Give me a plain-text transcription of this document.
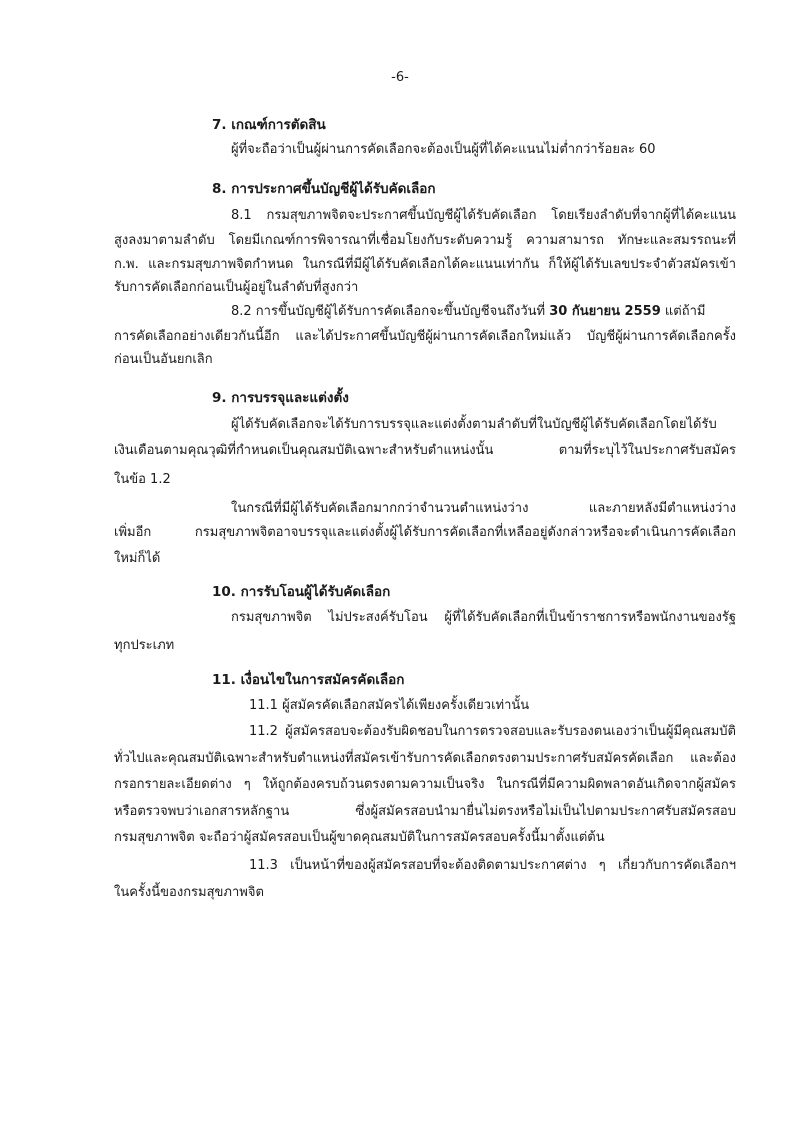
-6-
7. เกณฑ์การตัดสิน
ผู้ที่จะถือว่าเป็นผู้ผ่านการคัดเลือกจะต้องเป็นผู้ที่ได้คะแนนไม่ต่ำกว่าร้อยละ 60
8. การประกาศขึ้นบัญชีผู้ได้รับคัดเลือก
8.1 กรมสุขภาพจิตจะประกาศขึ้นบัญชีผู้ได้รับคัดเลือก โดยเรียงลำดับที่จากผู้ที่ได้คะแนน
สูงลงมาตามลำดับ โดยมีเกณฑ์การพิจารณาที่เชื่อมโยงกับระดับความรู้ ความสามารถ ทักษะและสมรรถนะที่
ก.พ. และกรมสุขภาพจิตกำหนด ในกรณีที่มีผู้ได้รับคัดเลือกได้คะแนนเท่ากัน ก็ให้ผู้ได้รับเลขประจำตัวสมัครเข้า
รับการคัดเลือกก่อนเป็นผู้อยู่ในลำดับที่สูงกว่า
8.2 การขึ้นบัญชีผู้ได้รับการคัดเลือกจะขึ้นบัญชีจนถึงวันที่ 30 กันยายน 2559 แต่ถ้ามี
การคัดเลือกอย่างเดียวกันนี้อีก และได้ประกาศขึ้นบัญชีผู้ผ่านการคัดเลือกใหม่แล้ว บัญชีผู้ผ่านการคัดเลือกครั้ง
ก่อนเป็นอันยกเลิก
9. การบรรจุและแต่งตั้ง
ผู้ได้รับคัดเลือกจะได้รับการบรรจุและแต่งตั้งตามลำดับที่ในบัญชีผู้ได้รับคัดเลือกโดยได้รับ
เงินเดือนตามคุณวุฒิที่กำหนดเป็นคุณสมบัติเฉพาะสำหรับตำแหน่งนั้น ตามที่ระบุไว้ในประกาศรับสมัคร
ในข้อ 1.2
ในกรณีที่มีผู้ได้รับคัดเลือกมากกว่าจำนวนตำแหน่งว่าง และภายหลังมีตำแหน่งว่าง
เพิ่มอีก กรมสุขภาพจิตอาจบรรจุและแต่งตั้งผู้ได้รับการคัดเลือกที่เหลืออยู่ดังกล่าวหรือจะดำเนินการคัดเลือก
ใหม่ก็ได้
10. การรับโอนผู้ได้รับคัดเลือก
กรมสุขภาพจิต ไม่ประสงค์รับโอน ผู้ที่ได้รับคัดเลือกที่เป็นข้าราชการหรือพนักงานของรัฐ
ทุกประเภท
11. เงื่อนไขในการสมัครคัดเลือก
11.1 ผู้สมัครคัดเลือกสมัครได้เพียงครั้งเดียวเท่านั้น
11.2 ผู้สมัครสอบจะต้องรับผิดชอบในการตรวจสอบและรับรองตนเองว่าเป็นผู้มีคุณสมบัติ
ทั่วไปและคุณสมบัติเฉพาะสำหรับตำแหน่งที่สมัครเข้ารับการคัดเลือกตรงตามประกาศรับสมัครคัดเลือก และต้อง
กรอกรายละเอียดต่าง ๆ ให้ถูกต้องครบถ้วนตรงตามความเป็นจริง ในกรณีที่มีความผิดพลาดอันเกิดจากผู้สมัคร
หรือตรวจพบว่าเอกสารหลักฐาน ซึ่งผู้สมัครสอบนำมายื่นไม่ตรงหรือไม่เป็นไปตามประกาศรับสมัครสอบ
กรมสุขภาพจิต จะถือว่าผู้สมัครสอบเป็นผู้ขาดคุณสมบัติในการสมัครสอบครั้งนี้มาตั้งแต่ต้น
11.3 เป็นหน้าที่ของผู้สมัครสอบที่จะต้องติดตามประกาศต่าง ๆ เกี่ยวกับการคัดเลือกฯ
ในครั้งนี้ของกรมสุขภาพจิต
